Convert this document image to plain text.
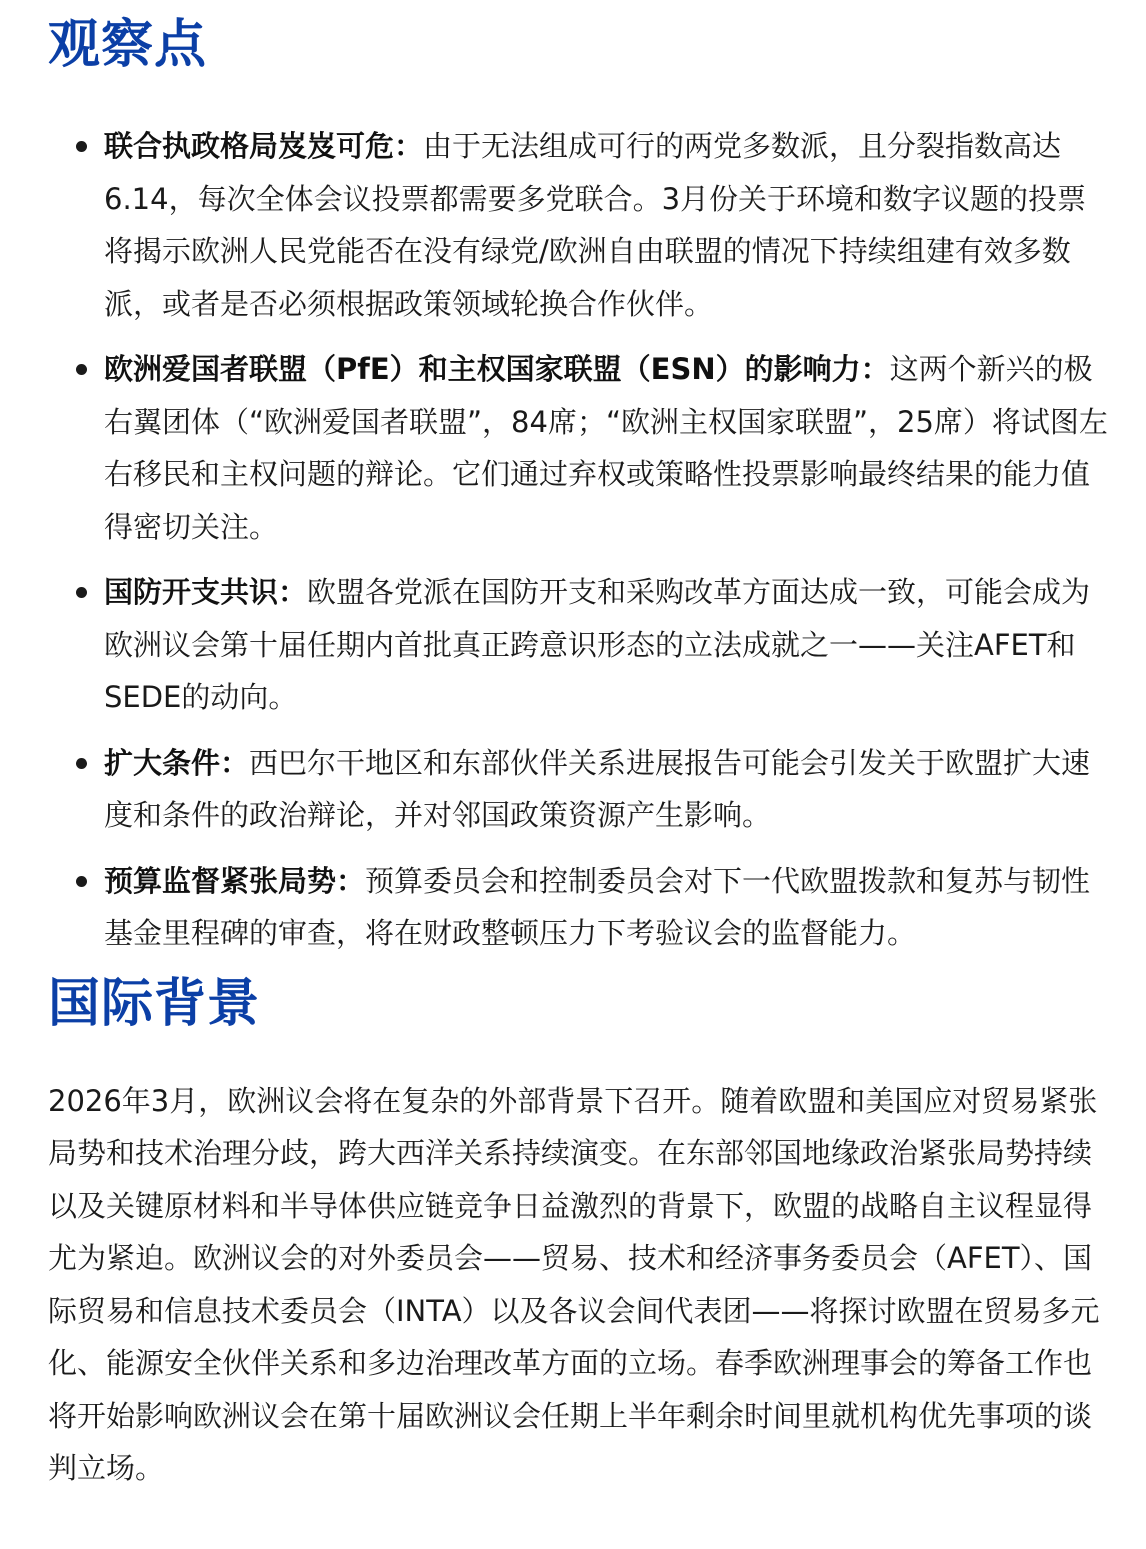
观察点
联合执政格局岌岌可危：由于无法组成可行的两党多数派，且分裂指数高达6.14，每次全体会议投票都需要多党联合。3月份关于环境和数字议题的投票将揭示欧洲人民党能否在没有绿党/欧洲自由联盟的情况下持续组建有效多数派，或者是否必须根据政策领域轮换合作伙伴。
欧洲爱国者联盟（PfE）和主权国家联盟（ESN）的影响力：这两个新兴的极右翼团体（“欧洲爱国者联盟”，84席；“欧洲主权国家联盟”，25席）将试图左右移民和主权问题的辩论。它们通过弃权或策略性投票影响最终结果的能力值得密切关注。
国防开支共识：欧盟各党派在国防开支和采购改革方面达成一致，可能会成为欧洲议会第十届任期内首批真正跨意识形态的立法成就之一——关注AFET和SEDE的动向。
扩大条件：西巴尔干地区和东部伙伴关系进展报告可能会引发关于欧盟扩大速度和条件的政治辩论，并对邻国政策资源产生影响。
预算监督紧张局势：预算委员会和控制委员会对下一代欧盟拨款和复苏与韧性基金里程碑的审查，将在财政整顿压力下考验议会的监督能力。
国际背景

2026年3月，欧洲议会将在复杂的外部背景下召开。随着欧盟和美国应对贸易紧张局势和技术治理分歧，跨大西洋关系持续演变。在东部邻国地缘政治紧张局势持续以及关键原材料和半导体供应链竞争日益激烈的背景下，欧盟的战略自主议程显得尤为紧迫。欧洲议会的对外委员会——贸易、技术和经济事务委员会（AFET）、国际贸易和信息技术委员会（INTA）以及各议会间代表团——将探讨欧盟在贸易多元化、能源安全伙伴关系和多边治理改革方面的立场。春季欧洲理事会的筹备工作也将开始影响欧洲议会在第十届欧洲议会任期上半年剩余时间里就机构优先事项的谈判立场。
